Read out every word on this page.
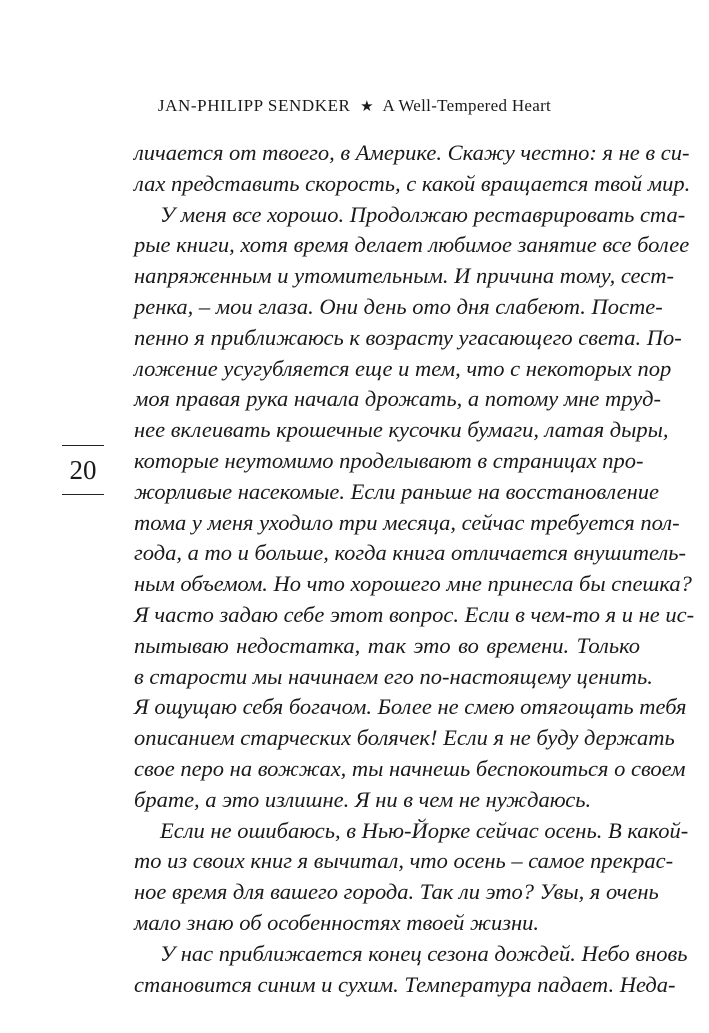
JAN-PHILIPP SENDKER ★ A Well-Tempered Heart
20
личается от твоего, в Америке. Скажу честно: я не в си-
лах представить скорость, с какой вращается твой мир.
У меня все хорошо. Продолжаю реставрировать ста-
рые книги, хотя время делает любимое занятие все более
напряженным и утомительным. И причина тому, сест-
ренка, – мои глаза. Они день ото дня слабеют. Посте-
пенно я приближаюсь к возрасту угасающего света. По-
ложение усугубляется еще и тем, что с некоторых пор
моя правая рука начала дрожать, а потому мне труд-
нее вклеивать крошечные кусочки бумаги, латая дыры,
которые неутомимо проделывают в страницах про-
жорливые насекомые. Если раньше на восстановление
тома у меня уходило три месяца, сейчас требуется пол-
года, а то и больше, когда книга отличается внушитель-
ным объемом. Но что хорошего мне принесла бы спешка?
Я часто задаю себе этот вопрос. Если в чем-то я и не ис-
пытываю недостатка, так это во времени. Только
в старости мы начинаем его по-настоящему ценить.
Я ощущаю себя богачом. Более не смею отягощать тебя
описанием старческих болячек! Если я не буду держать
свое перо на вожжах, ты начнешь беспокоиться о своем
брате, а это излишне. Я ни в чем не нуждаюсь.
Если не ошибаюсь, в Нью-Йорке сейчас осень. В какой-
то из своих книг я вычитал, что осень – самое прекрас-
ное время для вашего города. Так ли это? Увы, я очень
мало знаю об особенностях твоей жизни.
У нас приближается конец сезона дождей. Небо вновь
становится синим и сухим. Температура падает. Неда-
